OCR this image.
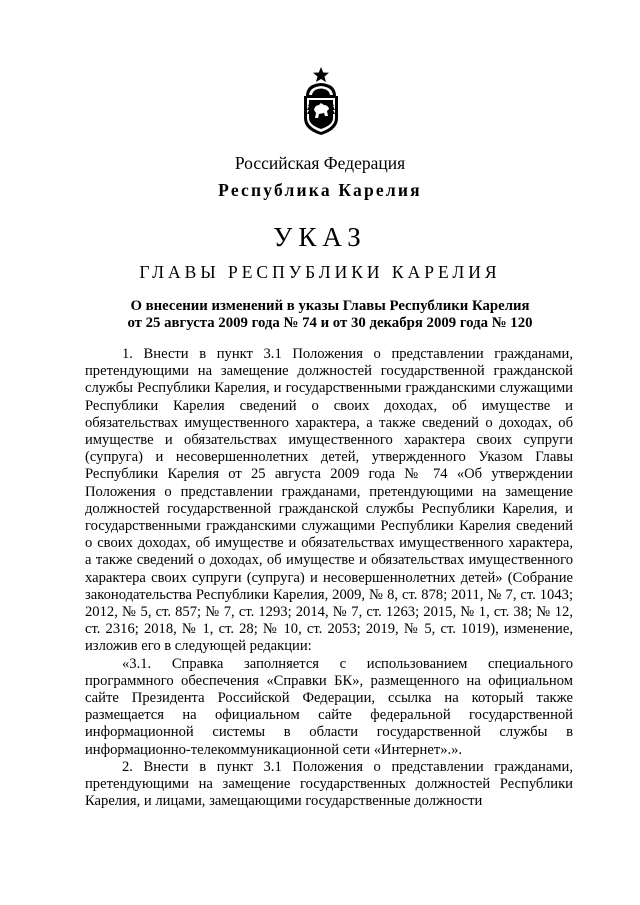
Российская Федерация
Республика Карелия
УКАЗ
ГЛАВЫ РЕСПУБЛИКИ КАРЕЛИЯ
О внесении изменений в указы Главы Республики Карелия
от 25 августа 2009 года № 74 и от 30 декабря 2009 года № 120

1. Внести в пункт 3.1 Положения о представлении гражданами, претендующими на замещение должностей государственной гражданской службы Республики Карелия, и государственными гражданскими служащими Республики Карелия сведений о своих доходах, об имуществе и обязательствах имущественного характера, а также сведений о доходах, об имуществе и обязательствах имущественного характера своих супруги (супруга) и несовершеннолетних детей, утвержденного Указом Главы Республики Карелия от 25 августа 2009 года № 74 «Об утверждении Положения о представлении гражданами, претендующими на замещение должностей государственной гражданской службы Республики Карелия, и государственными гражданскими служащими Республики Карелия сведений о своих доходах, об имуществе и обязательствах имущественного характера, а также сведений о доходах, об имуществе и обязательствах имущественного характера своих супруги (супруга) и несовершеннолетних детей» (Собрание законодательства Республики Карелия, 2009, № 8, ст. 878; 2011, № 7, ст. 1043; 2012, № 5, ст. 857; № 7, ст. 1293; 2014, № 7, ст. 1263; 2015, № 1, ст. 38; № 12, ст. 2316; 2018, № 1, ст. 28; № 10, ст. 2053; 2019, № 5, ст. 1019), изменение, изложив его в следующей редакции:

«3.1. Справка заполняется с использованием специального программного обеспечения «Справки БК», размещенного на официальном сайте Президента Российской Федерации, ссылка на который также размещается на официальном сайте федеральной государственной информационной системы в области государственной службы в информационно-телекоммуникационной сети «Интернет».».

2. Внести в пункт 3.1 Положения о представлении гражданами, претендующими на замещение государственных должностей Республики Карелия, и лицами, замещающими государственные должности
